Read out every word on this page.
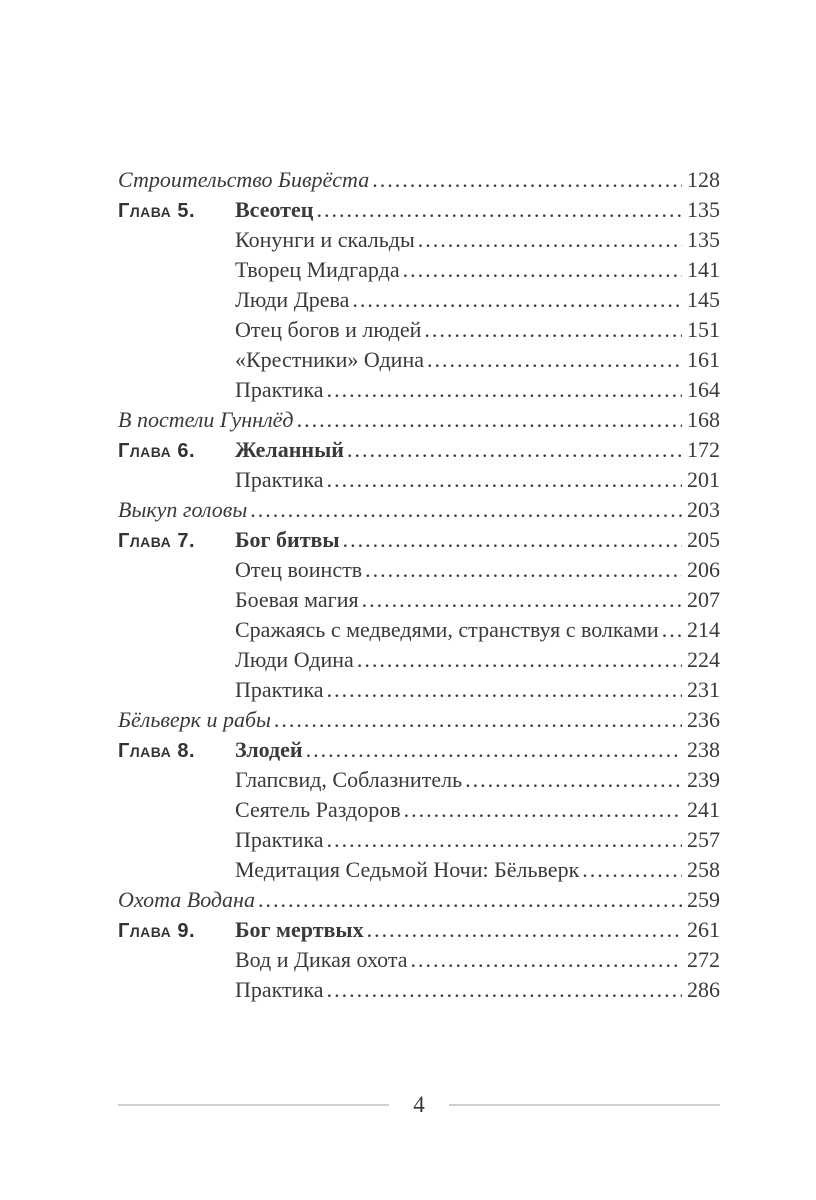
Строительство Биврёста .....	128
Глава 5.	Всеотец .....	135
Конунги и скальды .....	135
Творец Мидгарда .....	141
Люди Древа .....	145
Отец богов и людей .....	151
«Крестники» Одина .....	161
Практика .....	164
В постели Гуннлёд .....	168
Глава 6.	Желанный .....	172
Практика .....	201
Выкуп головы .....	203
Глава 7.	Бог битвы .....	205
Отец воинств .....	206
Боевая магия .....	207
Сражаясь с медведями, странствуя с волками ..... 214
Люди Одина .....	224
Практика .....	231
Бёльверк и рабы .....	236
Глава 8.	Злодей .....	238
Глапсвид, Соблазнитель .....	239
Сеятель Раздоров .....	241
Практика .....	257
Медитация Седьмой Ночи: Бёльверк .....	258
Охота Водана .....	259
Глава 9.	Бог мертвых .....	261
Вод и Дикая охота .....	272
Практика .....	286
4
